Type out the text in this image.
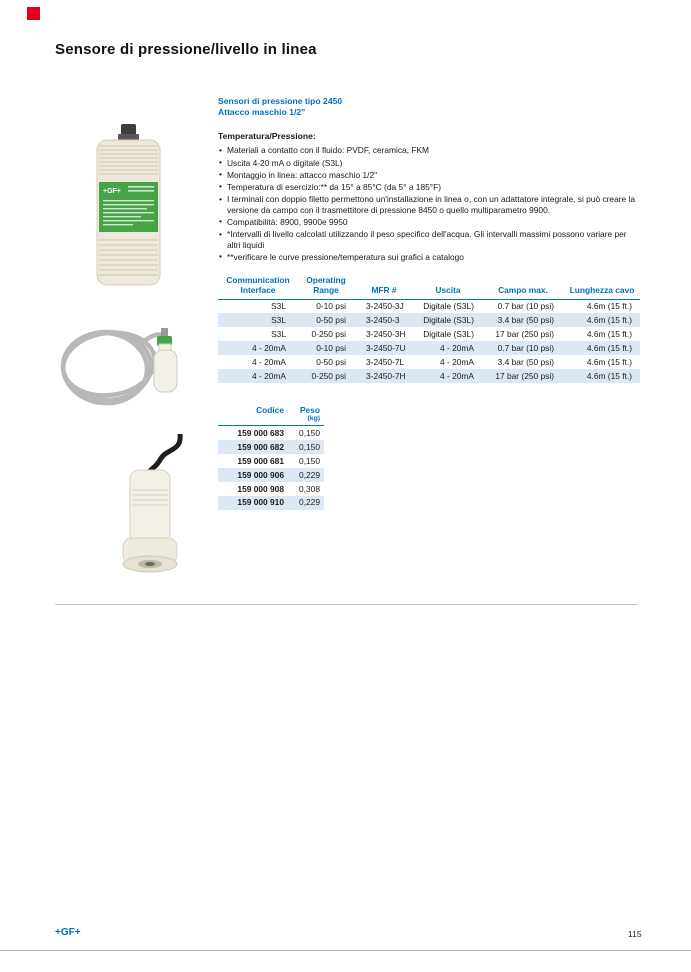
Sensore di pressione/livello in linea
+GF+
Sensori di pressione tipo 2450
Attacco maschio 1/2"
Temperatura/Pressione:
• Materiali a contatto con il fluido: PVDF, ceramica, FKM
• Uscita 4-20 mA o digitale (S3L)
• Montaggio in linea: attacco maschio 1/2"
• Temperatura di esercizio:** da 15° a 85°C (da 5° a 185°F)
• I terminali con doppio filetto permettono un'installazione in linea o, con un adattatore integrale, si può creare la versione da campo con il trasmettitore di pressione 8450 o quello multiparametro 9900.
• Compatibilità: 8900, 9900e 9950
• *Intervalli di livello calcolati utilizzando il peso specifico dell'acqua. Gli intervalli massimi possono variare per altri liquidi
• **verificare le curve pressione/temperatura sui grafici a catalogo
Communication Interface	Operating Range	MFR #	Uscita	Campo max.	Lunghezza cavo
S3L	0-10 psi	3-2450-3J	Digitale (S3L)	0.7 bar (10 psi)	4.6m (15 ft.)
S3L	0-50 psi	3-2450-3	Digitale (S3L)	3.4 bar (50 psi)	4.6m (15 ft.)
S3L	0-250 psi	3-2450-3H	Digitale (S3L)	17 bar (250 psi)	4.6m (15 ft.)
4 - 20mA	0-10 psi	3-2450-7U	4 - 20mA	0.7 bar (10 psi)	4.6m (15 ft.)
4 - 20mA	0-50 psi	3-2450-7L	4 - 20mA	3.4 bar (50 psi)	4.6m (15 ft.)
4 - 20mA	0-250 psi	3-2450-7H	4 - 20mA	17 bar (250 psi)	4.6m (15 ft.)
Codice	Peso
(kg)

159 000 683	0,150
159 000 682	0,150
159 000 681	0,150
159 000 906	0,229
159 000 908	0,308
159 000 910	0,229
+GF+	115
